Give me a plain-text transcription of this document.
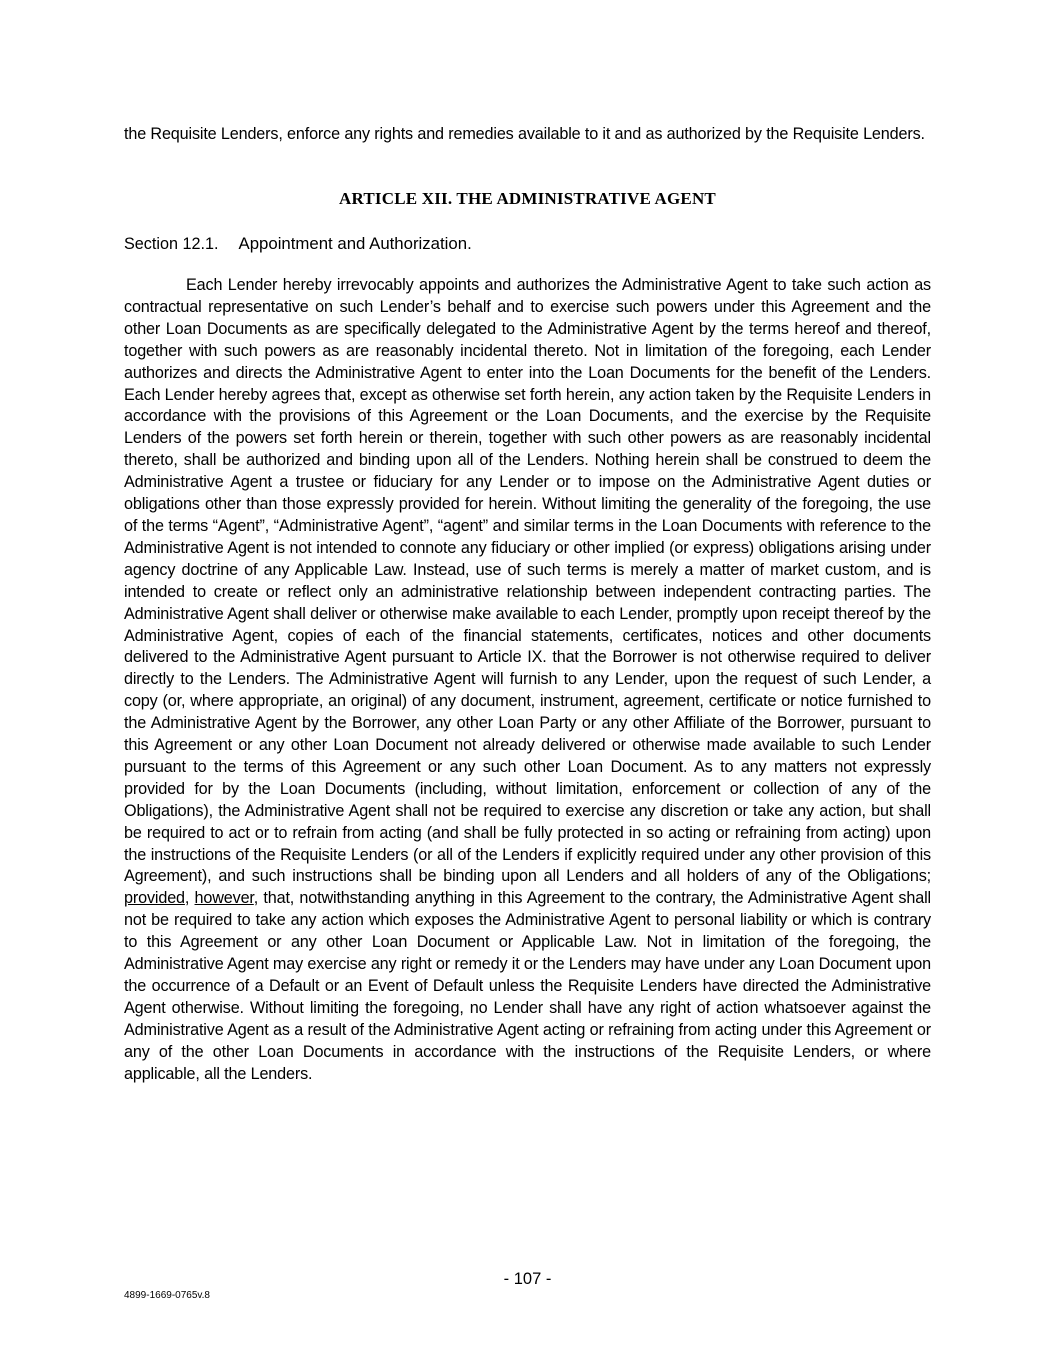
the Requisite Lenders, enforce any rights and remedies available to it and as authorized by the Requisite Lenders.
ARTICLE XII. THE ADMINISTRATIVE AGENT
Section 12.1. Appointment and Authorization.
Each Lender hereby irrevocably appoints and authorizes the Administrative Agent to take such action as contractual representative on such Lender’s behalf and to exercise such powers under this Agreement and the other Loan Documents as are specifically delegated to the Administrative Agent by the terms hereof and thereof, together with such powers as are reasonably incidental thereto. Not in limitation of the foregoing, each Lender authorizes and directs the Administrative Agent to enter into the Loan Documents for the benefit of the Lenders. Each Lender hereby agrees that, except as otherwise set forth herein, any action taken by the Requisite Lenders in accordance with the provisions of this Agreement or the Loan Documents, and the exercise by the Requisite Lenders of the powers set forth herein or therein, together with such other powers as are reasonably incidental thereto, shall be authorized and binding upon all of the Lenders. Nothing herein shall be construed to deem the Administrative Agent a trustee or fiduciary for any Lender or to impose on the Administrative Agent duties or obligations other than those expressly provided for herein. Without limiting the generality of the foregoing, the use of the terms “Agent”, “Administrative Agent”, “agent” and similar terms in the Loan Documents with reference to the Administrative Agent is not intended to connote any fiduciary or other implied (or express) obligations arising under agency doctrine of any Applicable Law. Instead, use of such terms is merely a matter of market custom, and is intended to create or reflect only an administrative relationship between independent contracting parties. The Administrative Agent shall deliver or otherwise make available to each Lender, promptly upon receipt thereof by the Administrative Agent, copies of each of the financial statements, certificates, notices and other documents delivered to the Administrative Agent pursuant to Article IX. that the Borrower is not otherwise required to deliver directly to the Lenders. The Administrative Agent will furnish to any Lender, upon the request of such Lender, a copy (or, where appropriate, an original) of any document, instrument, agreement, certificate or notice furnished to the Administrative Agent by the Borrower, any other Loan Party or any other Affiliate of the Borrower, pursuant to this Agreement or any other Loan Document not already delivered or otherwise made available to such Lender pursuant to the terms of this Agreement or any such other Loan Document. As to any matters not expressly provided for by the Loan Documents (including, without limitation, enforcement or collection of any of the Obligations), the Administrative Agent shall not be required to exercise any discretion or take any action, but shall be required to act or to refrain from acting (and shall be fully protected in so acting or refraining from acting) upon the instructions of the Requisite Lenders (or all of the Lenders if explicitly required under any other provision of this Agreement), and such instructions shall be binding upon all Lenders and all holders of any of the Obligations; provided, however, that, notwithstanding anything in this Agreement to the contrary, the Administrative Agent shall not be required to take any action which exposes the Administrative Agent to personal liability or which is contrary to this Agreement or any other Loan Document or Applicable Law. Not in limitation of the foregoing, the Administrative Agent may exercise any right or remedy it or the Lenders may have under any Loan Document upon the occurrence of a Default or an Event of Default unless the Requisite Lenders have directed the Administrative Agent otherwise. Without limiting the foregoing, no Lender shall have any right of action whatsoever against the Administrative Agent as a result of the Administrative Agent acting or refraining from acting under this Agreement or any of the other Loan Documents in accordance with the instructions of the Requisite Lenders, or where applicable, all the Lenders.
- 107 -
4899-1669-0765v.8
